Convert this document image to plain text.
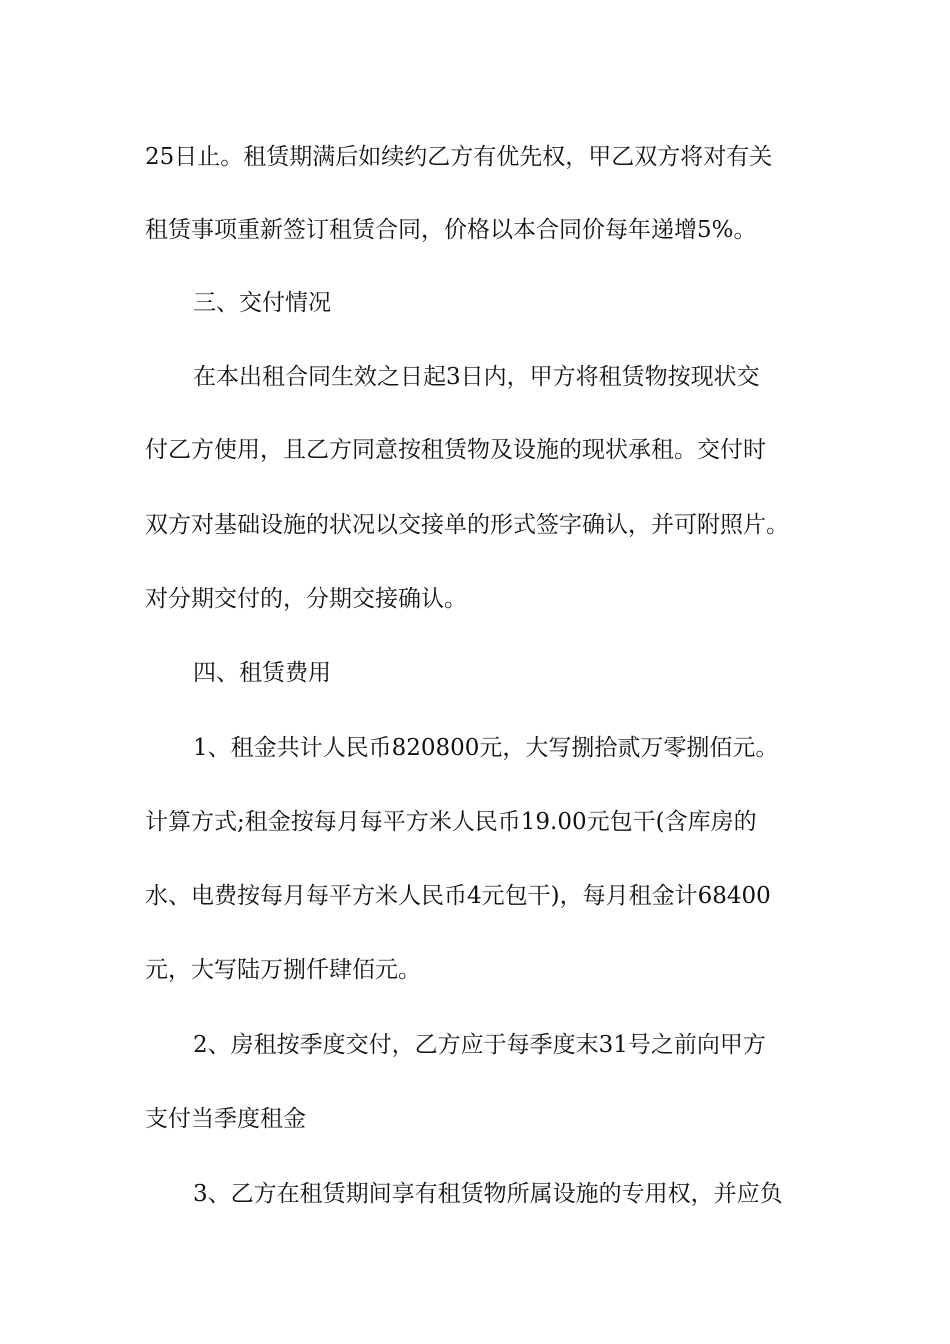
25日止。租赁期满后如续约乙方有优先权，甲乙双方将对有关
租赁事项重新签订租赁合同，价格以本合同价每年递增5%。
三、交付情况
在本出租合同生效之日起3日内，甲方将租赁物按现状交
付乙方使用，且乙方同意按租赁物及设施的现状承租。交付时
双方对基础设施的状况以交接单的形式签字确认，并可附照片。
对分期交付的，分期交接确认。
四、租赁费用
1、租金共计人民币820800元，大写捌拾贰万零捌佰元。
计算方式;租金按每月每平方米人民币19.00元包干(含库房的
水、电费按每月每平方米人民币4元包干)，每月租金计68400
元，大写陆万捌仟肆佰元。
2、房租按季度交付，乙方应于每季度末31号之前向甲方
支付当季度租金
3、乙方在租赁期间享有租赁物所属设施的专用权，并应负
